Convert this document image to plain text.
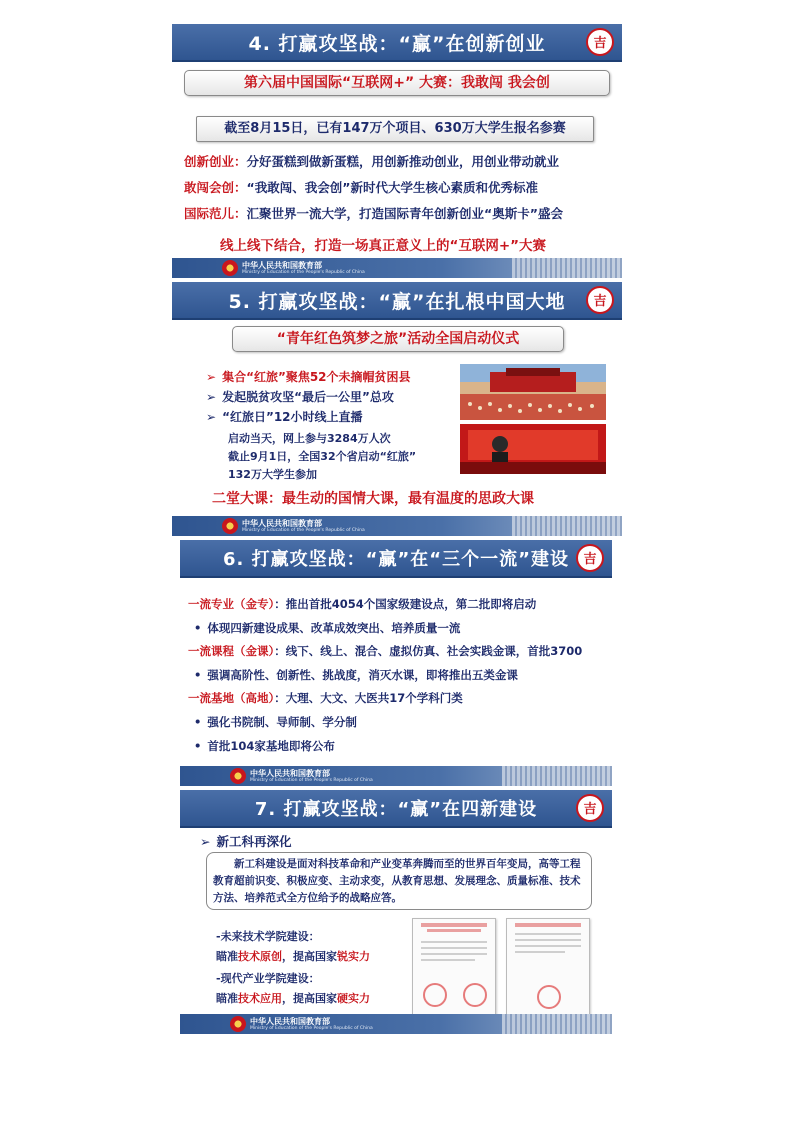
4. 打赢攻坚战：“赢”在创新创业	吉
第六届中国国际“互联网+” 大赛：我敢闯 我会创
截至8月15日，已有147万个项目、630万大学生报名参赛
创新创业：分好蛋糕到做新蛋糕，用创新推动创业，用创业带动就业
敢闯会创：“我敢闯、我会创”新时代大学生核心素质和优秀标准
国际范儿：汇聚世界一流大学，打造国际青年创新创业“奥斯卡”盛会
线上线下结合，打造一场真正意义上的“互联网+”大赛
中华人民共和国教育部
Ministry of Education of the People's Republic of China
5. 打赢攻坚战：“赢”在扎根中国大地 吉
“青年红色筑梦之旅”活动全国启动仪式
➢ 集合“红旅”聚焦52个未摘帽贫困县
➢ 发起脱贫攻坚“最后一公里”总攻
➢ “红旅日”12小时线上直播
启动当天，网上参与3284万人次
截止9月1日，全国32个省启动“红旅”
132万大学生参加
二堂大课：最生动的国情大课，最有温度的思政大课
中华人民共和国教育部
Ministry of Education of the People's Republic of China
6. 打赢攻坚战：“赢”在“三个一流”建设 吉
一流专业（金专）：推出首批4054个国家级建设点，第二批即将启动
• 体现四新建设成果、改革成效突出、培养质量一流
一流课程（金课）：线下、线上、混合、虚拟仿真、社会实践金课，首批3700
• 强调高阶性、创新性、挑战度，消灭水课，即将推出五类金课
一流基地（高地）：大理、大文、大医共17个学科门类
• 强化书院制、导师制、学分制
• 首批104家基地即将公布
中华人民共和国教育部
Ministry of Education of the People's Republic of China
7. 打赢攻坚战：“赢”在四新建设	吉
➢ 新工科再深化
新工科建设是面对科技革命和产业变革奔腾而至的世界百年变局，高等工程教育超前识变、积极应变、主动求变，从教育思想、发展理念、质量标准、技术方法、培养范式全方位给予的战略应答。
-未来技术学院建设：
瞄准技术原创，提高国家锐实力
-现代产业学院建设：
瞄准技术应用，提高国家硬实力
中华人民共和国教育部
Ministry of Education of the People's Republic of China
